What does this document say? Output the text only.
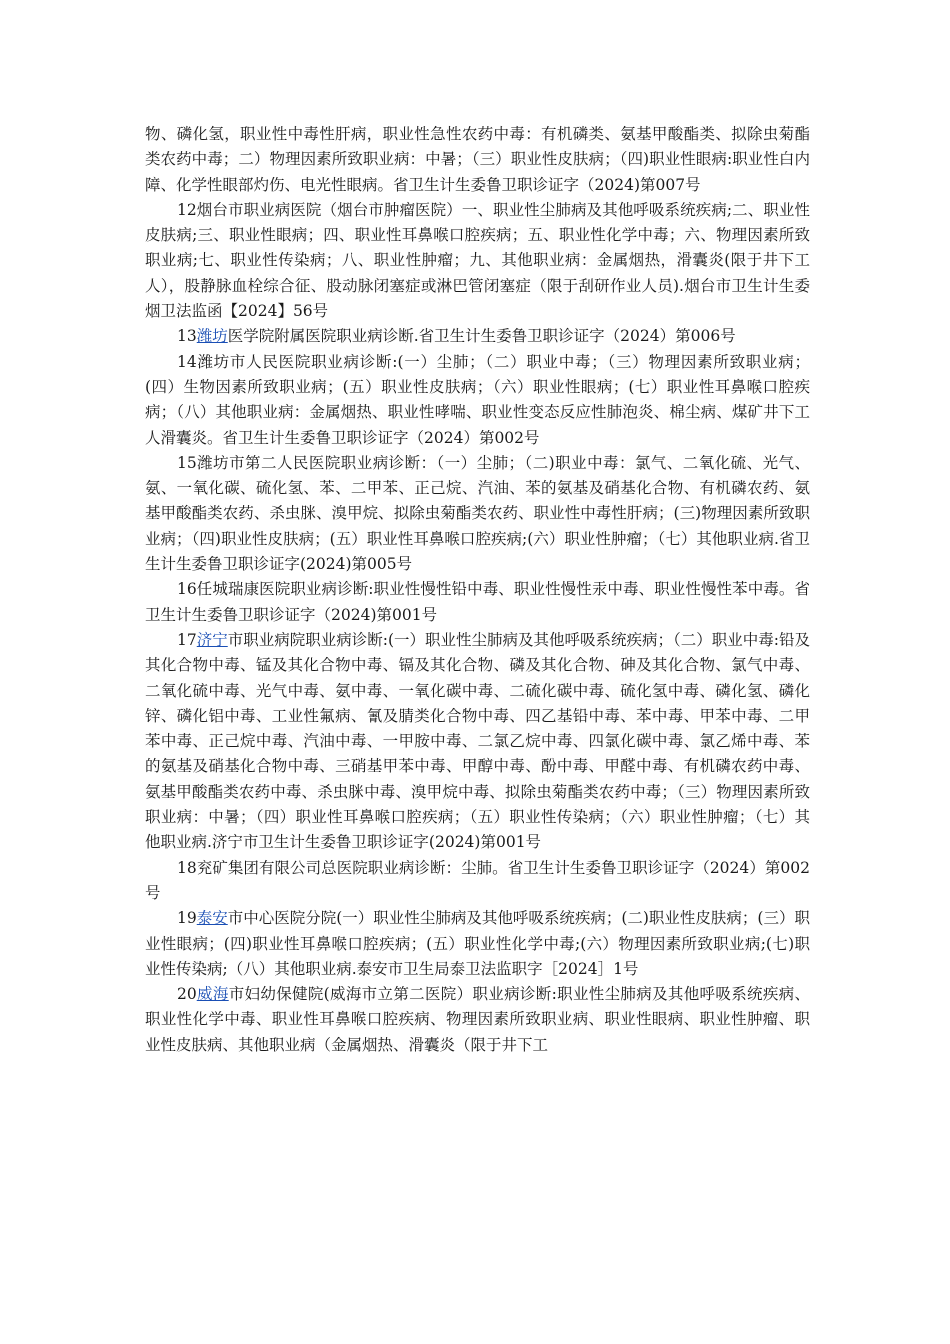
物、磷化氢，职业性中毒性肝病，职业性急性农药中毒：有机磷类、氨基甲酸酯类、拟除虫菊酯类农药中毒；二）物理因素所致职业病：中暑；（三）职业性皮肤病；（四)职业性眼病:职业性白内障、化学性眼部灼伤、电光性眼病。省卫生计生委鲁卫职诊证字（2024)第007号

12烟台市职业病医院（烟台市肿瘤医院）一、职业性尘肺病及其他呼吸系统疾病;二、职业性皮肤病;三、职业性眼病；四、职业性耳鼻喉口腔疾病；五、职业性化学中毒；六、物理因素所致职业病;七、职业性传染病；八、职业性肿瘤；九、其他职业病：金属烟热，滑囊炎(限于井下工人），股静脉血栓综合征、股动脉闭塞症或淋巴管闭塞症（限于刮研作业人员).烟台市卫生计生委烟卫法监函【2024】56号

13潍坊医学院附属医院职业病诊断.省卫生计生委鲁卫职诊证字（2024）第006号

14潍坊市人民医院职业病诊断:(一）尘肺；（二）职业中毒；（三）物理因素所致职业病；(四）生物因素所致职业病；(五）职业性皮肤病；（六）职业性眼病；(七）职业性耳鼻喉口腔疾病；（八）其他职业病：金属烟热、职业性哮喘、职业性变态反应性肺泡炎、棉尘病、煤矿井下工人滑囊炎。省卫生计生委鲁卫职诊证字（2024）第002号

15潍坊市第二人民医院职业病诊断：（一）尘肺；（二)职业中毒：氯气、二氧化硫、光气、氨、一氧化碳、硫化氢、苯、二甲苯、正己烷、汽油、苯的氨基及硝基化合物、有机磷农药、氨基甲酸酯类农药、杀虫脒、溴甲烷、拟除虫菊酯类农药、职业性中毒性肝病；(三)物理因素所致职业病；（四)职业性皮肤病；(五）职业性耳鼻喉口腔疾病;(六）职业性肿瘤；（七）其他职业病.省卫生计生委鲁卫职诊证字(2024)第005号

16任城瑞康医院职业病诊断:职业性慢性铅中毒、职业性慢性汞中毒、职业性慢性苯中毒。省卫生计生委鲁卫职诊证字（2024)第001号

17济宁市职业病院职业病诊断:(一）职业性尘肺病及其他呼吸系统疾病；（二）职业中毒:铅及其化合物中毒、锰及其化合物中毒、镉及其化合物、磷及其化合物、砷及其化合物、氯气中毒、二氧化硫中毒、光气中毒、氨中毒、一氧化碳中毒、二硫化碳中毒、硫化氢中毒、磷化氢、磷化锌、磷化铝中毒、工业性氟病、氰及腈类化合物中毒、四乙基铅中毒、苯中毒、甲苯中毒、二甲苯中毒、正己烷中毒、汽油中毒、一甲胺中毒、二氯乙烷中毒、四氯化碳中毒、氯乙烯中毒、苯的氨基及硝基化合物中毒、三硝基甲苯中毒、甲醇中毒、酚中毒、甲醛中毒、有机磷农药中毒、氨基甲酸酯类农药中毒、杀虫脒中毒、溴甲烷中毒、拟除虫菊酯类农药中毒；（三）物理因素所致职业病：中暑；（四）职业性耳鼻喉口腔疾病；（五）职业性传染病；（六）职业性肿瘤；（七）其他职业病.济宁市卫生计生委鲁卫职诊证字(2024)第001号

18兖矿集团有限公司总医院职业病诊断：尘肺。省卫生计生委鲁卫职诊证字（2024）第002号

19泰安市中心医院分院(一）职业性尘肺病及其他呼吸系统疾病；(二)职业性皮肤病；(三）职业性眼病；(四)职业性耳鼻喉口腔疾病；(五）职业性化学中毒;(六）物理因素所致职业病;(七)职业性传染病;（八）其他职业病.泰安市卫生局泰卫法监职字［2024］1号

20威海市妇幼保健院(威海市立第二医院）职业病诊断:职业性尘肺病及其他呼吸系统疾病、职业性化学中毒、职业性耳鼻喉口腔疾病、物理因素所致职业病、职业性眼病、职业性肿瘤、职业性皮肤病、其他职业病（金属烟热、滑囊炎（限于井下工
